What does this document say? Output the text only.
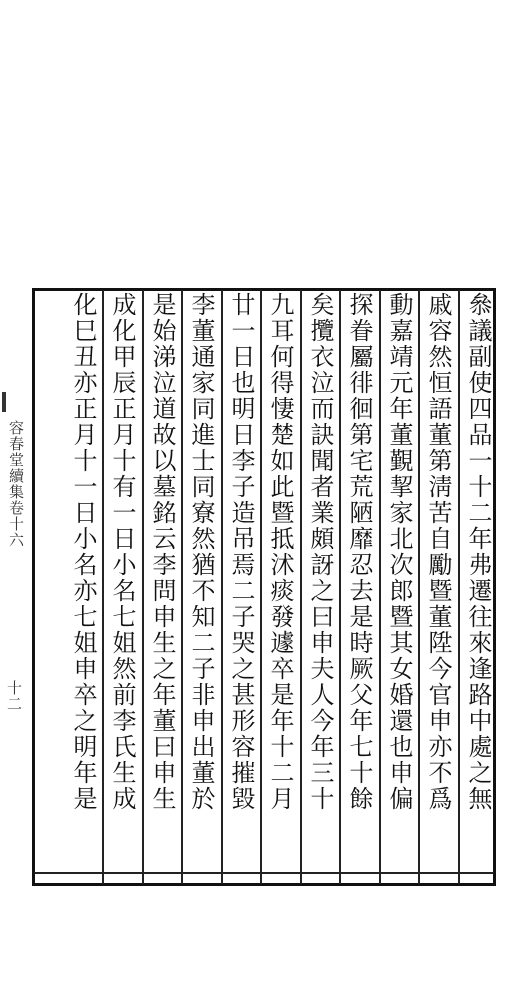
叅議副使四品一十二年弗遷往來逢路中處之無
戚容然恒語董第淸苦自勵暨董陞今官申亦不爲
動嘉靖元年董覲挈家北次郎暨其女婚還也申偏
探眷屬徘徊第宅荒陋靡忍去是時厥父年七十餘
矣攬衣泣而訣聞者業頗訝之曰申夫人今年三十
九耳何得悽楚如此暨抵沭痰發遽卒是年十二月
廿一日也明日李子造吊焉二子哭之甚形容摧毀
李董通家同進士同寮然猶不知二子非申出董於
是始涕泣道故以墓銘云李問申生之年董曰申生
成化甲辰正月十有一日小名七姐然前李氏生成
化巳丑亦正月十一日小名亦七姐申卒之明年是
容春堂續集卷十六
十二
